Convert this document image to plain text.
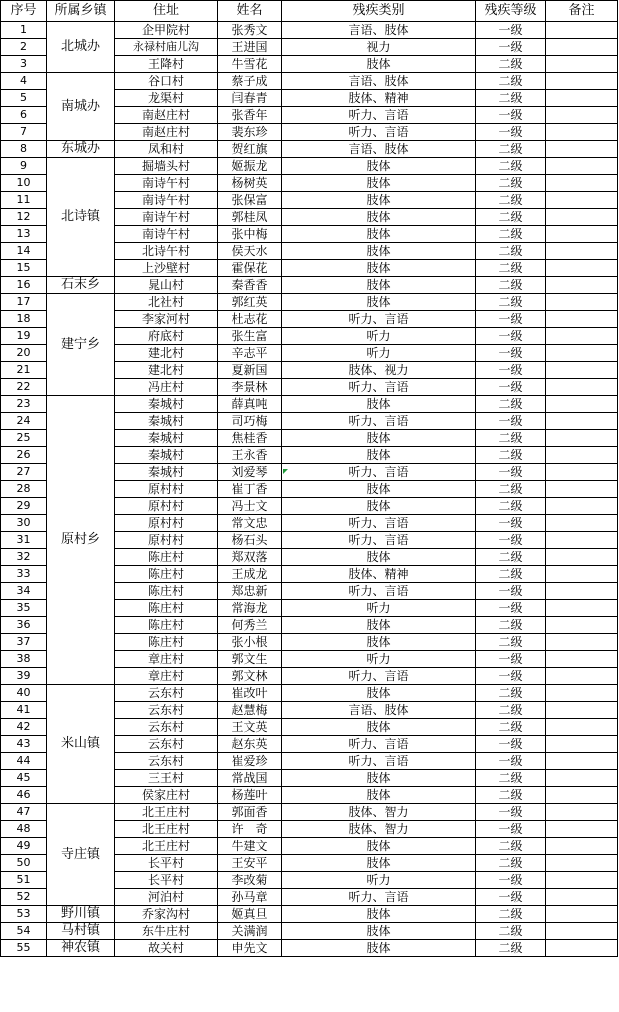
序号	所属乡镇	住址	姓名	残疾类别	残疾等级	备注
1	北城办	企甲院村	张秀文	言语、肢体	一级	
2		永禄村庙儿沟	王进国	视力	一级	
3		王降村	牛雪花	肢体	二级	
4	南城办	谷口村	蔡子成	言语、肢体	二级	
5		龙渠村	闫春青	肢体、精神	二级	
6		南赵庄村	张香年	听力、言语	一级	
7		南赵庄村	裴东珍	听力、言语	一级	
8	东城办	凤和村	贺红旗	言语、肢体	二级	
9	北诗镇	掘墙头村	姬振龙	肢体	二级	
10		南诗午村	杨树英	肢体	二级	
11		南诗午村	张保富	肢体	二级	
12		南诗午村	郭桂凤	肢体	二级	
13		南诗午村	张中梅	肢体	二级	
14		北诗午村	侯天水	肢体	二级	
15		上沙壁村	霍保花	肢体	二级	
16	石末乡	晁山村	秦香香	肢体	二级	
17	建宁乡	北社村	郭红英	肢体	二级	
18		李家河村	杜志花	听力、言语	一级	
19		府底村	张生富	听力	一级	
20		建北村	辛志平	听力	一级	
21		建北村	夏新国	肢体、视力	一级	
22		冯庄村	李景林	听力、言语	一级	
23	原村乡	秦城村	薛真吨	肢体	二级	
24		秦城村	司巧梅	听力、言语	一级	
25		秦城村	焦桂香	肢体	二级	
26		秦城村	王永香	肢体	二级	
27		秦城村	刘爱琴	听力、言语	一级	
28		原村村	崔丁香	肢体	二级	
29		原村村	冯士文	肢体	二级	
30		原村村	常文忠	听力、言语	一级	
31		原村村	杨石头	听力、言语	一级	
32		陈庄村	郑双落	肢体	二级	
33		陈庄村	王成龙	肢体、精神	二级	
34		陈庄村	郑忠新	听力、言语	一级	
35		陈庄村	常海龙	听力	一级	
36		陈庄村	何秀兰	肢体	二级	
37		陈庄村	张小根	肢体	二级	
38		章庄村	郭文生	听力	一级	
39		章庄村	郭文林	听力、言语	一级	
40	米山镇	云东村	崔改叶	肢体	二级	
41		云东村	赵慧梅	言语、肢体	二级	
42		云东村	王文英	肢体	二级	
43		云东村	赵东英	听力、言语	一级	
44		云东村	崔爱珍	听力、言语	一级	
45		三王村	常战国	肢体	二级	
46		侯家庄村	杨莲叶	肢体	二级	
47	寺庄镇	北王庄村	郭面香	肢体、智力	一级	
48		北王庄村	许　奇	肢体、智力	一级	
49		北王庄村	牛建文	肢体	二级	
50		长平村	王安平	肢体	二级	
51		长平村	李改菊	听力	一级	
52		河泊村	孙马章	听力、言语	一级	
53	野川镇	乔家沟村	姬真旦	肢体	二级	
54	马村镇	东牛庄村	关满润	肢体	二级	
55	神农镇	故关村	申先文	肢体	二级	
